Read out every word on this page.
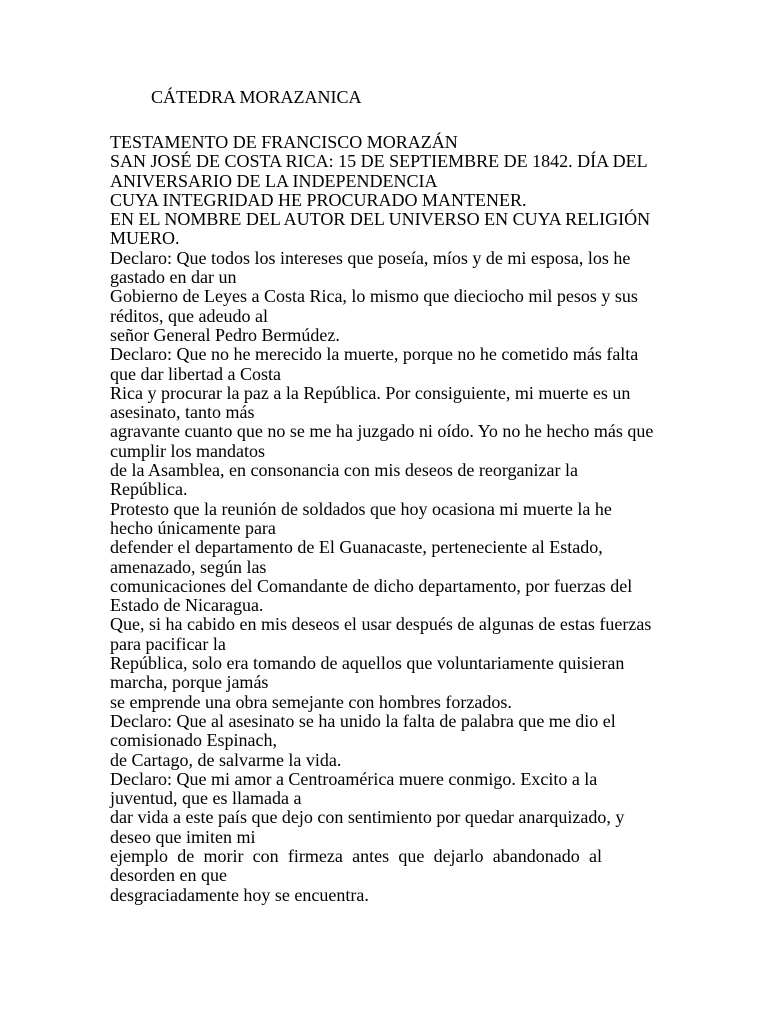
CÁTEDRA MORAZANICA
TESTAMENTO DE FRANCISCO MORAZÁN
SAN JOSÉ DE COSTA RICA: 15 DE SEPTIEMBRE DE 1842. DÍA DEL
ANIVERSARIO DE LA INDEPENDENCIA
CUYA INTEGRIDAD HE PROCURADO MANTENER.
EN EL NOMBRE DEL AUTOR DEL UNIVERSO EN CUYA RELIGIÓN
MUERO.
Declaro: Que todos los intereses que poseía, míos y de mi esposa, los he
gastado en dar un
Gobierno de Leyes a Costa Rica, lo mismo que dieciocho mil pesos y sus
réditos, que adeudo al
señor General Pedro Bermúdez.
Declaro: Que no he merecido la muerte, porque no he cometido más falta
que dar libertad a Costa
Rica y procurar la paz a la República. Por consiguiente, mi muerte es un
asesinato, tanto más
agravante cuanto que no se me ha juzgado ni oído. Yo no he hecho más que
cumplir los mandatos
de la Asamblea, en consonancia con mis deseos de reorganizar la
República.
Protesto que la reunión de soldados que hoy ocasiona mi muerte la he
hecho únicamente para
defender el departamento de El Guanacaste, perteneciente al Estado,
amenazado, según las
comunicaciones del Comandante de dicho departamento, por fuerzas del
Estado de Nicaragua.
Que, si ha cabido en mis deseos el usar después de algunas de estas fuerzas
para pacificar la
República, solo era tomando de aquellos que voluntariamente quisieran
marcha, porque jamás
se emprende una obra semejante con hombres forzados.
Declaro: Que al asesinato se ha unido la falta de palabra que me dio el
comisionado Espinach,
de Cartago, de salvarme la vida.
Declaro: Que mi amor a Centroamérica muere conmigo. Excito a la
juventud, que es llamada a
dar vida a este país que dejo con sentimiento por quedar anarquizado, y
deseo que imiten mi
ejemplo de morir con firmeza antes que dejarlo abandonado al
desorden en que
desgraciadamente hoy se encuentra.
